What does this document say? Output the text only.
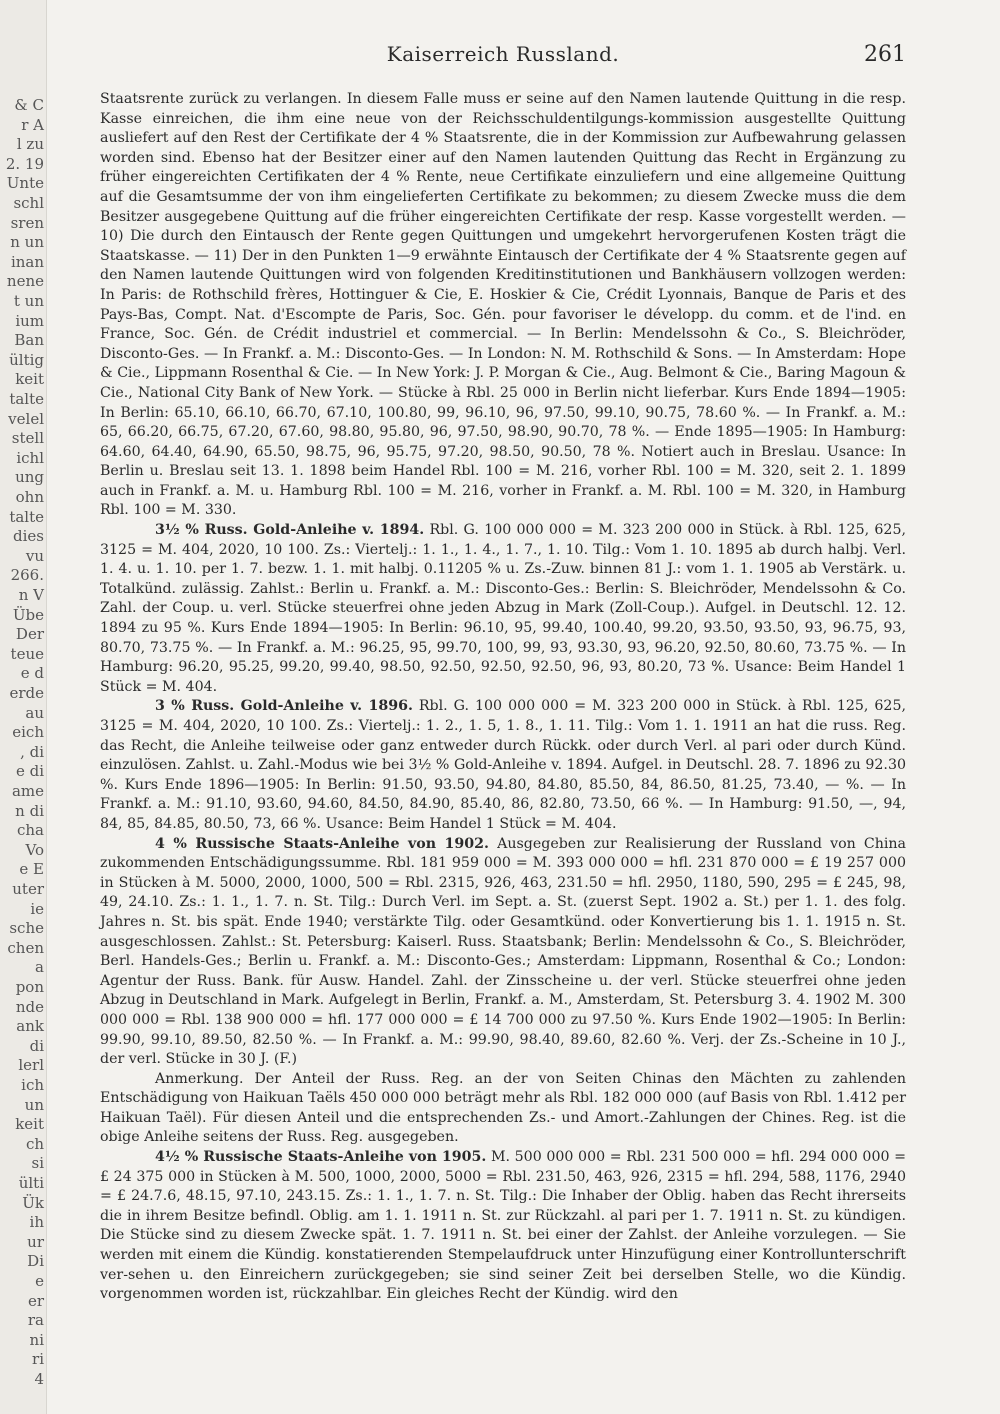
& C
r A
l zu
2. 19
Unte
schl
sren
n un
inan
nene
t un
ium
Ban
ültig
keit
talte
velel
stell
ichl
ung
ohn
talte
dies
vu
266.
n V
Übe
Der
teue
e d
erde
au
eich
, di
e di
ame
n di
cha
Vo
e E
uter
ie
sche
chen
a
pon
nde
ank
di
lerl
ich
un
keit
ch
si
ülti
Ük
ih
ur
Di
e
er
ra
ni
ri
4
Kaiserreich Russland.	261

Staatsrente zurück zu verlangen. In diesem Falle muss er seine auf den Namen lautende Quittung in die resp. Kasse einreichen, die ihm eine neue von der Reichsschuldentilgungs-kommission ausgestellte Quittung ausliefert auf den Rest der Certifikate der 4 % Staatsrente, die in der Kommission zur Aufbewahrung gelassen worden sind. Ebenso hat der Besitzer einer auf den Namen lautenden Quittung das Recht in Ergänzung zu früher eingereichten Certifikaten der 4 % Rente, neue Certifikate einzuliefern und eine allgemeine Quittung auf die Gesamtsumme der von ihm eingelieferten Certifikate zu bekommen; zu diesem Zwecke muss die dem Besitzer ausgegebene Quittung auf die früher eingereichten Certifikate der resp. Kasse vorgestellt werden. — 10) Die durch den Eintausch der Rente gegen Quittungen und umgekehrt hervorgerufenen Kosten trägt die Staatskasse. — 11) Der in den Punkten 1—9 erwähnte Eintausch der Certifikate der 4 % Staatsrente gegen auf den Namen lautende Quittungen wird von folgenden Kreditinstitutionen und Bankhäusern vollzogen werden: In Paris: de Rothschild frères, Hottinguer & Cie, E. Hoskier & Cie, Crédit Lyonnais, Banque de Paris et des Pays-Bas, Compt. Nat. d'Escompte de Paris, Soc. Gén. pour favoriser le développ. du comm. et de l'ind. en France, Soc. Gén. de Crédit industriel et commercial. — In Berlin: Mendelssohn & Co., S. Bleichröder, Disconto-Ges. — In Frankf. a. M.: Disconto-Ges. — In London: N. M. Rothschild & Sons. — In Amsterdam: Hope & Cie., Lippmann Rosenthal & Cie. — In New York: J. P. Morgan & Cie., Aug. Belmont & Cie., Baring Magoun & Cie., National City Bank of New York. — Stücke à Rbl. 25 000 in Berlin nicht lieferbar. Kurs Ende 1894—1905: In Berlin: 65.10, 66.10, 66.70, 67.10, 100.80, 99, 96.10, 96, 97.50, 99.10, 90.75, 78.60 %. — In Frankf. a. M.: 65, 66.20, 66.75, 67.20, 67.60, 98.80, 95.80, 96, 97.50, 98.90, 90.70, 78 %. — Ende 1895—1905: In Hamburg: 64.60, 64.40, 64.90, 65.50, 98.75, 96, 95.75, 97.20, 98.50, 90.50, 78 %. Notiert auch in Breslau. Usance: In Berlin u. Breslau seit 13. 1. 1898 beim Handel Rbl. 100 = M. 216, vorher Rbl. 100 = M. 320, seit 2. 1. 1899 auch in Frankf. a. M. u. Hamburg Rbl. 100 = M. 216, vorher in Frankf. a. M. Rbl. 100 = M. 320, in Hamburg Rbl. 100 = M. 330.

3½ % Russ. Gold-Anleihe v. 1894. Rbl. G. 100 000 000 = M. 323 200 000 in Stück. à Rbl. 125, 625, 3125 = M. 404, 2020, 10 100. Zs.: Viertelj.: 1. 1., 1. 4., 1. 7., 1. 10. Tilg.: Vom 1. 10. 1895 ab durch halbj. Verl. 1. 4. u. 1. 10. per 1. 7. bezw. 1. 1. mit halbj. 0.11205 % u. Zs.-Zuw. binnen 81 J.: vom 1. 1. 1905 ab Verstärk. u. Totalkünd. zulässig. Zahlst.: Berlin u. Frankf. a. M.: Disconto-Ges.: Berlin: S. Bleichröder, Mendelssohn & Co. Zahl. der Coup. u. verl. Stücke steuerfrei ohne jeden Abzug in Mark (Zoll-Coup.). Aufgel. in Deutschl. 12. 12. 1894 zu 95 %. Kurs Ende 1894—1905: In Berlin: 96.10, 95, 99.40, 100.40, 99.20, 93.50, 93.50, 93, 96.75, 93, 80.70, 73.75 %. — In Frankf. a. M.: 96.25, 95, 99.70, 100, 99, 93, 93.30, 93, 96.20, 92.50, 80.60, 73.75 %. — In Hamburg: 96.20, 95.25, 99.20, 99.40, 98.50, 92.50, 92.50, 92.50, 96, 93, 80.20, 73 %. Usance: Beim Handel 1 Stück = M. 404.

3 % Russ. Gold-Anleihe v. 1896. Rbl. G. 100 000 000 = M. 323 200 000 in Stück. à Rbl. 125, 625, 3125 = M. 404, 2020, 10 100. Zs.: Viertelj.: 1. 2., 1. 5, 1. 8., 1. 11. Tilg.: Vom 1. 1. 1911 an hat die russ. Reg. das Recht, die Anleihe teilweise oder ganz entweder durch Rückk. oder durch Verl. al pari oder durch Künd. einzulösen. Zahlst. u. Zahl.-Modus wie bei 3½ % Gold-Anleihe v. 1894. Aufgel. in Deutschl. 28. 7. 1896 zu 92.30 %. Kurs Ende 1896—1905: In Berlin: 91.50, 93.50, 94.80, 84.80, 85.50, 84, 86.50, 81.25, 73.40, — %. — In Frankf. a. M.: 91.10, 93.60, 94.60, 84.50, 84.90, 85.40, 86, 82.80, 73.50, 66 %. — In Hamburg: 91.50, —, 94, 84, 85, 84.85, 80.50, 73, 66 %. Usance: Beim Handel 1 Stück = M. 404.

4 % Russische Staats-Anleihe von 1902. Ausgegeben zur Realisierung der Russland von China zukommenden Entschädigungssumme. Rbl. 181 959 000 = M. 393 000 000 = hfl. 231 870 000 = £ 19 257 000 in Stücken à M. 5000, 2000, 1000, 500 = Rbl. 2315, 926, 463, 231.50 = hfl. 2950, 1180, 590, 295 = £ 245, 98, 49, 24.10. Zs.: 1. 1., 1. 7. n. St. Tilg.: Durch Verl. im Sept. a. St. (zuerst Sept. 1902 a. St.) per 1. 1. des folg. Jahres n. St. bis spät. Ende 1940; verstärkte Tilg. oder Gesamtkünd. oder Konvertierung bis 1. 1. 1915 n. St. ausgeschlossen. Zahlst.: St. Petersburg: Kaiserl. Russ. Staatsbank; Berlin: Mendelssohn & Co., S. Bleichröder, Berl. Handels-Ges.; Berlin u. Frankf. a. M.: Disconto-Ges.; Amsterdam: Lippmann, Rosenthal & Co.; London: Agentur der Russ. Bank. für Ausw. Handel. Zahl. der Zinsscheine u. der verl. Stücke steuerfrei ohne jeden Abzug in Deutschland in Mark. Aufgelegt in Berlin, Frankf. a. M., Amsterdam, St. Petersburg 3. 4. 1902 M. 300 000 000 = Rbl. 138 900 000 = hfl. 177 000 000 = £ 14 700 000 zu 97.50 %. Kurs Ende 1902—1905: In Berlin: 99.90, 99.10, 89.50, 82.50 %. — In Frankf. a. M.: 99.90, 98.40, 89.60, 82.60 %. Verj. der Zs.-Scheine in 10 J., der verl. Stücke in 30 J. (F.)

Anmerkung. Der Anteil der Russ. Reg. an der von Seiten Chinas den Mächten zu zahlenden Entschädigung von Haikuan Taëls 450 000 000 beträgt mehr als Rbl. 182 000 000 (auf Basis von Rbl. 1.412 per Haikuan Taël). Für diesen Anteil und die entsprechenden Zs.- und Amort.-Zahlungen der Chines. Reg. ist die obige Anleihe seitens der Russ. Reg. ausgegeben.

4½ % Russische Staats-Anleihe von 1905. M. 500 000 000 = Rbl. 231 500 000 = hfl. 294 000 000 = £ 24 375 000 in Stücken à M. 500, 1000, 2000, 5000 = Rbl. 231.50, 463, 926, 2315 = hfl. 294, 588, 1176, 2940 = £ 24.7.6, 48.15, 97.10, 243.15. Zs.: 1. 1., 1. 7. n. St. Tilg.: Die Inhaber der Oblig. haben das Recht ihrerseits die in ihrem Besitze befindl. Oblig. am 1. 1. 1911 n. St. zur Rückzahl. al pari per 1. 7. 1911 n. St. zu kündigen. Die Stücke sind zu diesem Zwecke spät. 1. 7. 1911 n. St. bei einer der Zahlst. der Anleihe vorzulegen. — Sie werden mit einem die Kündig. konstatierenden Stempelaufdruck unter Hinzufügung einer Kontrollunterschrift ver-sehen u. den Einreichern zurückgegeben; sie sind seiner Zeit bei derselben Stelle, wo die Kündig. vorgenommen worden ist, rückzahlbar. Ein gleiches Recht der Kündig. wird den
